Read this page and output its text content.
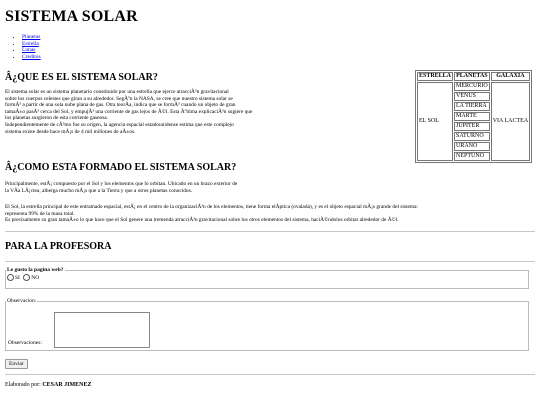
SISTEMA SOLAR
• Planetas
• Estrella
• Lunas
• Creditos
Â¿QUE ES EL SISTEMA SOLAR?

El sistema solar es un sistema planetario constituido por una estrella que ejerce atracciÃ³n gravitacional
sobre los cuerpos celestes que giran a su alrededor. SegÃºn la NASA, se cree que nuestro sistema solar se
formÃ³ a partir de una sola nube plana de gas. Otra teorÃa, indica que se formÃ³ cuando un objeto de gran
tamaÃ±o pasÃ³ cerca del Sol, y empujÃ³ una corriente de gas lejos de Ã©l. Esta Ãºltima explicaciÃ³n sugiere que
los planetas surgieron de esta corriente gaseosa.
Independientemente de cÃ³mo fue su origen, la agencia espacial estadounidense estima que este complejo
sistema existe desde hace mÃ¡s de 4 mil millones de aÃ±os.

ESTRELLA	PLANETAS	GALAXIA
EL SOL	MERCURIO	VIA LACTEA
	VENUS	
	LA TIERRA	
	MARTE	
	JUPITER	
	SATURNO	
	URANO	
	NEPTUNO	
Â¿COMO ESTA FORMADO EL SISTEMA SOLAR?

Principalmente, estÃ¡ compuesto por el Sol y los elementos que lo orbitan. Ubicado en un brazo exterior de
la VÃa LÃ¡ctea, alberga mucho mÃ¡s que a la Tierra y que a otros planetas conocidos.

El Sol, la estrella principal de este entramado espacial, estÃ¡ en el centro de la organizaciÃ³n de los elementos, tiene forma elÃptica (ovalada), y es el objeto espacial mÃ¡s grande del sistema:
representa 99% de la masa total.
Es precisamente su gran tamaÃ±o lo que hace que el Sol genere una tremenda atracciÃ³n gravitacional sobre los otros elementos del sistema, haciÃ©ndolos orbitar alrededor de Ã©l.

PARA LA PROFESORA
Le gusto la pagina web?
SI NO
Observacion:
Observaciones:
Enviar
Elaborado por: CESAR JIMENEZ
